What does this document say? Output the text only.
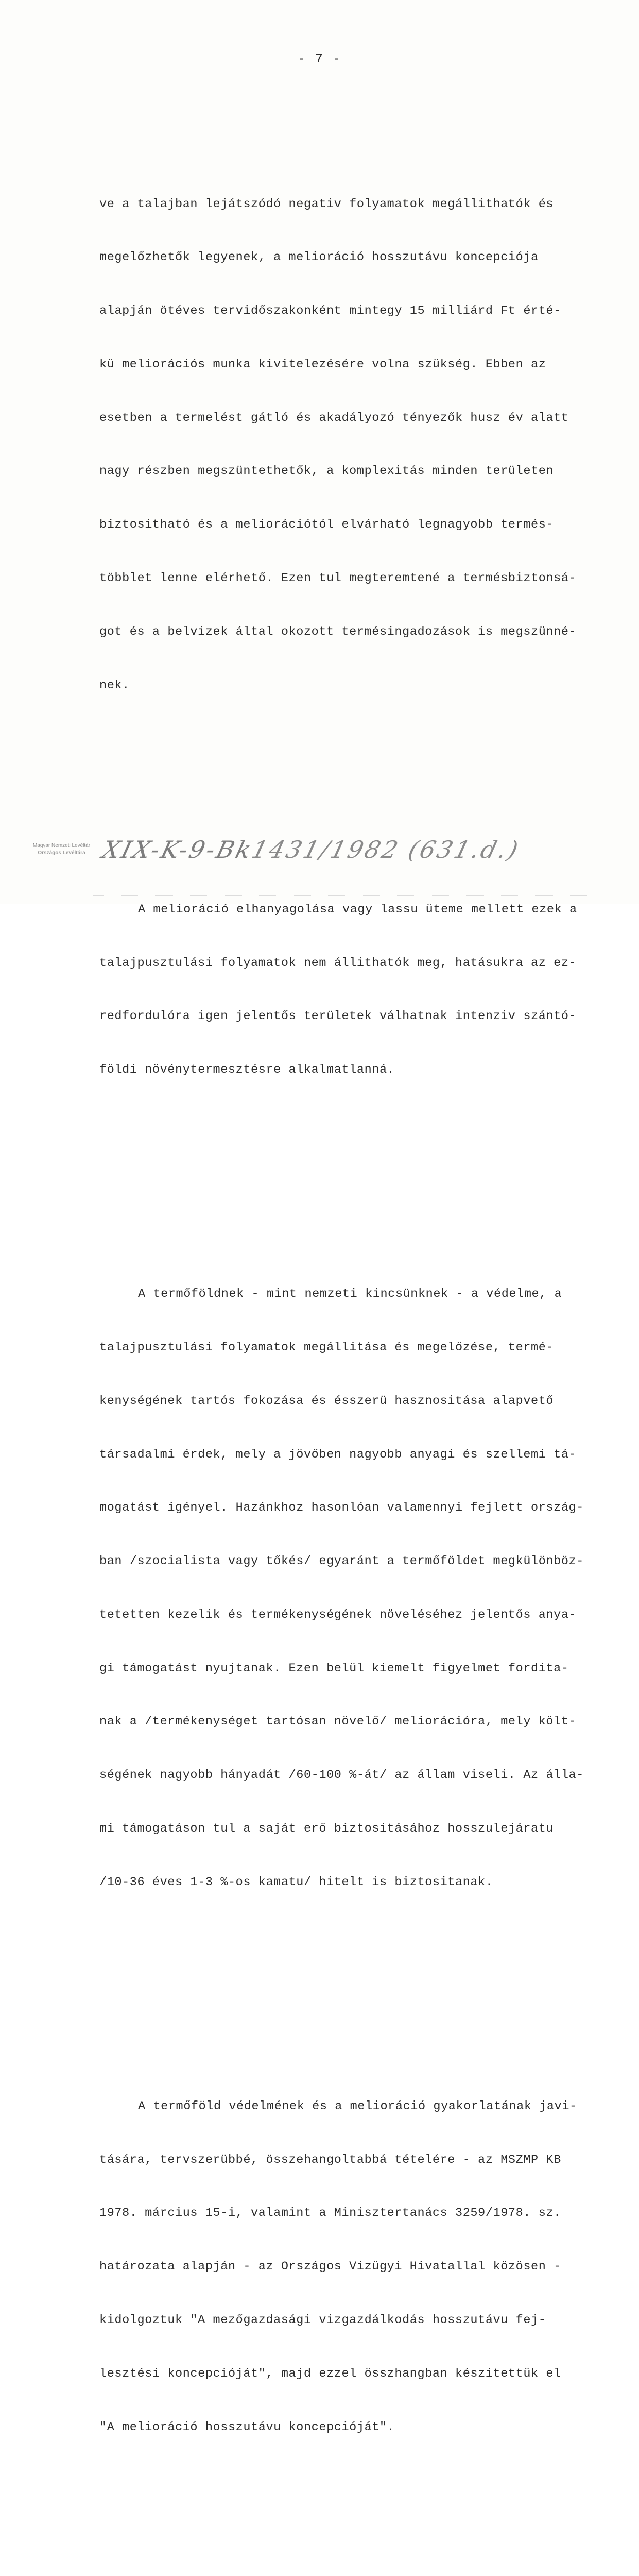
- 7 -

ve a talajban lejátszódó negativ folyamatok megállithatók és

megelőzhetők legyenek, a melioráció hosszutávu koncepciója

alapján ötéves tervidőszakonként mintegy 15 milliárd Ft érté-

kü meliorációs munka kivitelezésére volna szükség. Ebben az

esetben a termelést gátló és akadályozó tényezők husz év alatt

nagy részben megszüntethetők, a komplexitás minden területen

biztositható és a meliorációtól elvárható legnagyobb termés-

többlet lenne elérhető. Ezen tul megteremtené a termésbiztonsá-

got és a belvizek által okozott termésingadozások is megszünné-

nek.

A melioráció elhanyagolása vagy lassu üteme mellett ezek a

talajpusztulási folyamatok nem állithatók meg, hatásukra az ez-

redfordulóra igen jelentős területek válhatnak intenziv szántó-

földi növénytermesztésre alkalmatlanná.

A termőföldnek - mint nemzeti kincsünknek - a védelme, a

talajpusztulási folyamatok megállitása és megelőzése, termé-

kenységének tartós fokozása és ésszerü hasznositása alapvető

társadalmi érdek, mely a jövőben nagyobb anyagi és szellemi tá-

mogatást igényel. Hazánkhoz hasonlóan valamennyi fejlett ország-

ban /szocialista vagy tőkés/ egyaránt a termőföldet megkülönböz-

tetetten kezelik és termékenységének növeléséhez jelentős anya-

gi támogatást nyujtanak. Ezen belül kiemelt figyelmet fordita-

nak a /termékenységet tartósan növelő/ meliorációra, mely költ-

ségének nagyobb hányadát /60-100 %-át/ az állam viseli. Az álla-

mi támogatáson tul a saját erő biztositásához hosszulejáratu

/10-36 éves 1-3 %-os kamatu/ hitelt is biztositanak.

A termőföld védelmének és a melioráció gyakorlatának javi-

tására, tervszerübbé, összehangoltabbá tételére - az MSZMP KB

1978. március 15-i, valamint a Minisztertanács 3259/1978. sz.

határozata alapján - az Országos Vizügyi Hivatallal közösen -

kidolgoztuk "A mezőgazdasági vizgazdálkodás hosszutávu fej-

lesztési koncepcióját", majd ezzel összhangban készitettük el

"A melioráció hosszutávu koncepcióját".

Magyar Nemzeti Levéltár
Országos Levéltára XIX-K-9-Bk
1431/1982 (631.d.)
